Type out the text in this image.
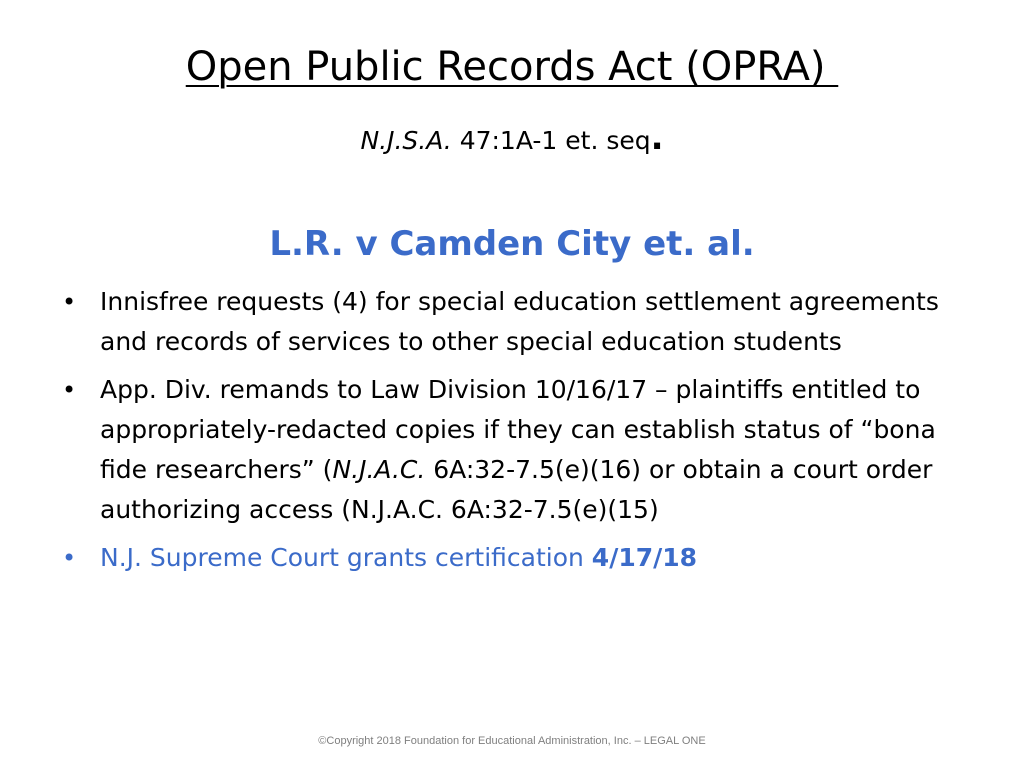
Open Public Records Act (OPRA)
N.J.S.A. 47:1A-1 et. seq.
L.R. v Camden City et. al.
• Innisfree requests (4) for special education settlement agreements and records of services to other special education students
• App. Div. remands to Law Division 10/16/17 – plaintiffs entitled to appropriately-redacted copies if they can establish status of “bona fide researchers” (N.J.A.C. 6A:32-7.5(e)(16) or obtain a court order authorizing access (N.J.A.C. 6A:32-7.5(e)(15)
• N.J. Supreme Court grants certification 4/17/18
©Copyright 2018 Foundation for Educational Administration, Inc. – LEGAL ONE
